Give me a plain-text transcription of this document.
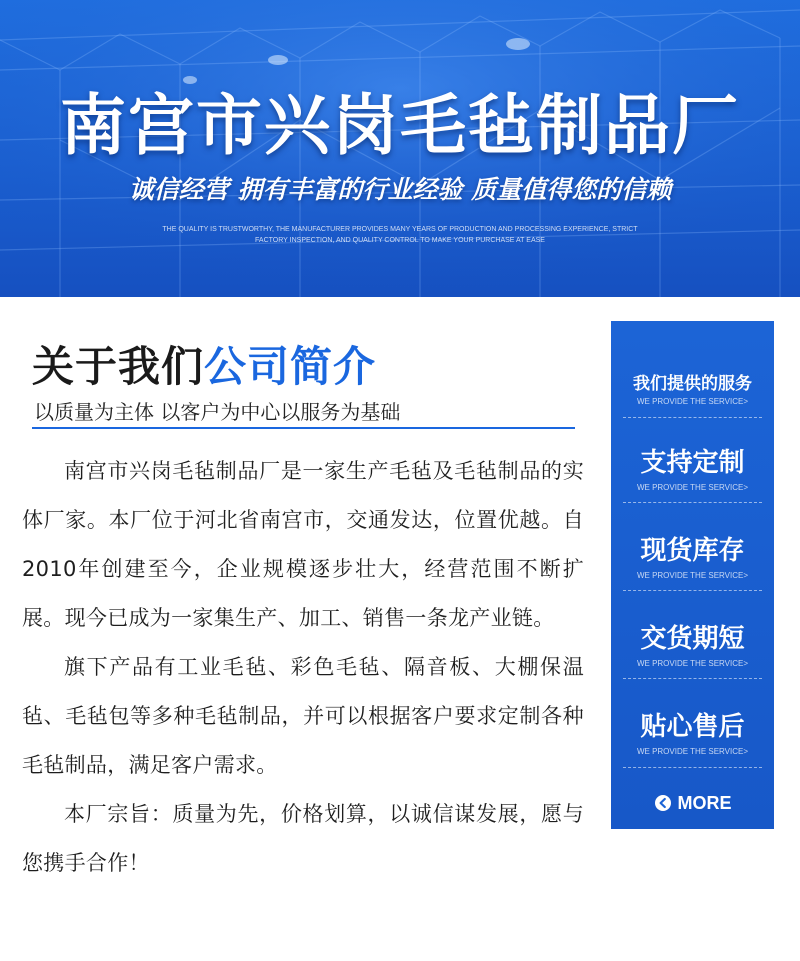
南宫市兴岗毛毡制品厂
诚信经营 拥有丰富的行业经验 质量值得您的信赖
THE QUALITY IS TRUSTWORTHY, THE MANUFACTURER PROVIDES MANY YEARS OF PRODUCTION AND PROCESSING EXPERIENCE, STRICT
FACTORY INSPECTION, AND QUALITY CONTROL TO MAKE YOUR PURCHASE AT EASE
关于我们公司简介
以质量为主体 以客户为中心以服务为基础

南宫市兴岗毛毡制品厂是一家生产毛毡及毛毡制品的实体厂家。本厂位于河北省南宫市，交通发达，位置优越。自2010年创建至今，企业规模逐步壮大，经营范围不断扩展。现今已成为一家集生产、加工、销售一条龙产业链。

旗下产品有工业毛毡、彩色毛毡、隔音板、大棚保温毡、毛毡包等多种毛毡制品，并可以根据客户要求定制各种毛毡制品，满足客户需求。

本厂宗旨：质量为先，价格划算，以诚信谋发展，愿与您携手合作！

我们提供的服务
WE PROVIDE THE SERVICE>
支持定制
WE PROVIDE THE SERVICE>
现货库存
WE PROVIDE THE SERVICE>
交货期短
WE PROVIDE THE SERVICE>
贴心售后
WE PROVIDE THE SERVICE>
MORE
